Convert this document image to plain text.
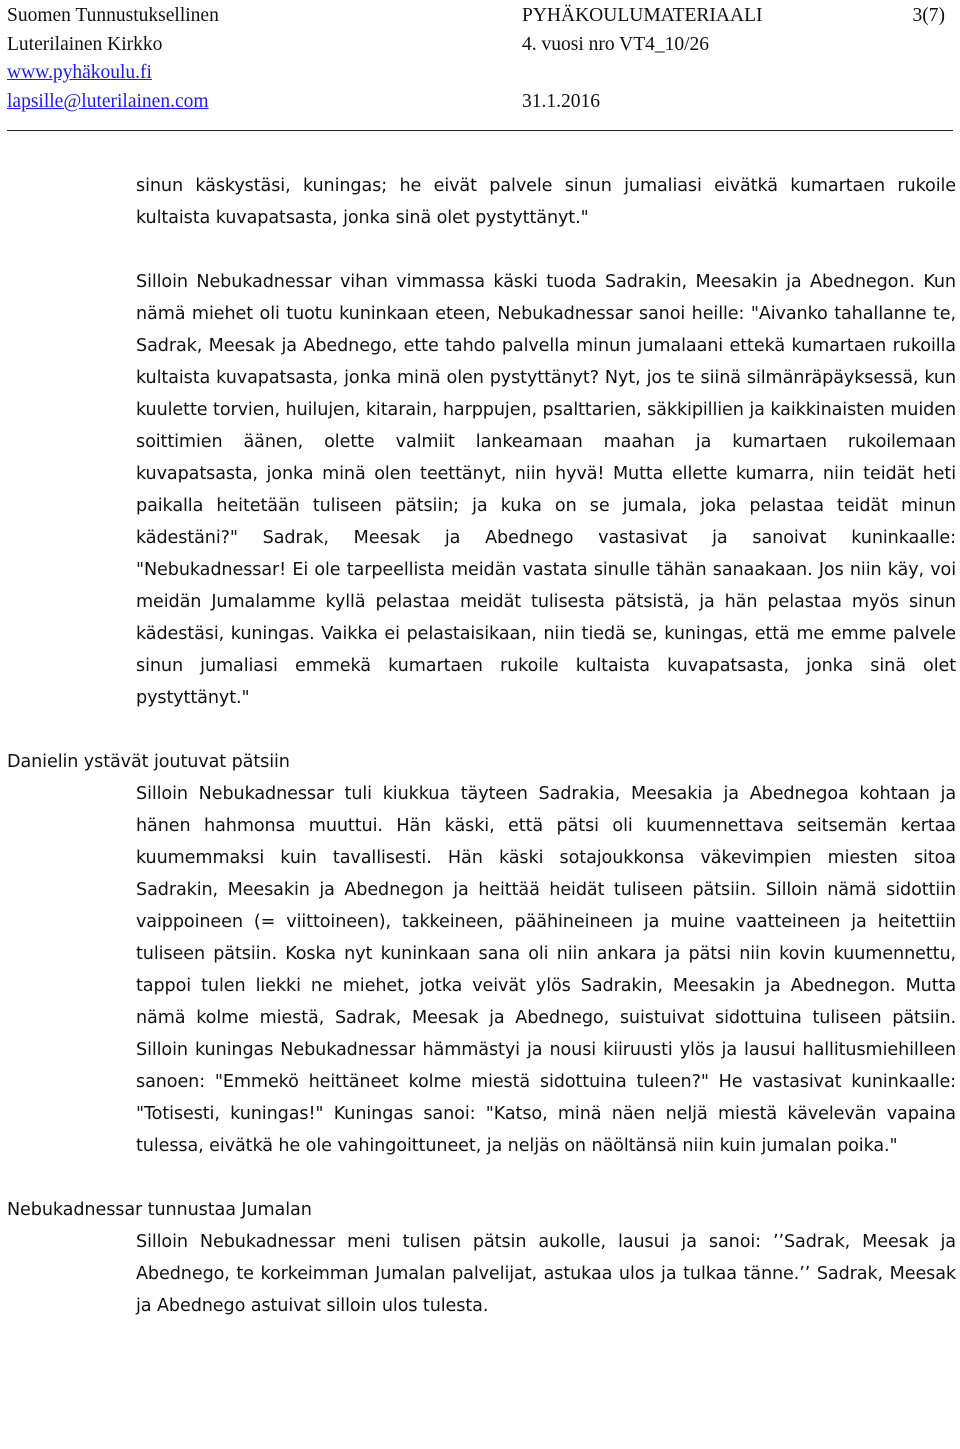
Suomen Tunnustuksellinen	PYHÄKOULUMATERIAALI	3(7)
Luterilainen Kirkko	4. vuosi nro VT4_10/26
www.pyhäkoulu.fi
lapsille@luterilainen.com	31.1.2016

sinun käskystäsi, kuningas; he eivät palvele sinun jumaliasi eivätkä kumartaen rukoile kultaista kuvapatsasta, jonka sinä olet pystyttänyt."

Silloin Nebukadnessar vihan vimmassa käski tuoda Sadrakin, Meesakin ja Abednegon. Kun nämä miehet oli tuotu kuninkaan eteen, Nebukadnessar sanoi heille: "Aivanko tahallanne te, Sadrak, Meesak ja Abednego, ette tahdo palvella minun jumalaani ettekä kumartaen rukoilla kultaista kuvapatsasta, jonka minä olen pystyttänyt? Nyt, jos te siinä silmänräpäyksessä, kun kuulette torvien, huilujen, kitarain, harppujen, psalttarien, säkkipillien ja kaikkinaisten muiden soittimien äänen, olette valmiit lankeamaan maahan ja kumartaen rukoilemaan kuvapatsasta, jonka minä olen teettänyt, niin hyvä! Mutta ellette kumarra, niin teidät heti paikalla heitetään tuliseen pätsiin; ja kuka on se jumala, joka pelastaa teidät minun kädestäni?" Sadrak, Meesak ja Abednego vastasivat ja sanoivat kuninkaalle: "Nebukadnessar! Ei ole tarpeellista meidän vastata sinulle tähän sanaakaan. Jos niin käy, voi meidän Jumalamme kyllä pelastaa meidät tulisesta pätsistä, ja hän pelastaa myös sinun kädestäsi, kuningas. Vaikka ei pelastaisikaan, niin tiedä se, kuningas, että me emme palvele sinun jumaliasi emmekä kumartaen rukoile kultaista kuvapatsasta, jonka sinä olet pystyttänyt."

Danielin ystävät joutuvat pätsiin

Silloin Nebukadnessar tuli kiukkua täyteen Sadrakia, Meesakia ja Abednegoa kohtaan ja hänen hahmonsa muuttui. Hän käski, että pätsi oli kuumennettava seitsemän kertaa kuumemmaksi kuin tavallisesti. Hän käski sotajoukkonsa väkevimpien miesten sitoa Sadrakin, Meesakin ja Abednegon ja heittää heidät tuliseen pätsiin. Silloin nämä sidottiin vaippoineen (= viittoineen), takkeineen, päähineineen ja muine vaatteineen ja heitettiin tuliseen pätsiin. Koska nyt kuninkaan sana oli niin ankara ja pätsi niin kovin kuumennettu, tappoi tulen liekki ne miehet, jotka veivät ylös Sadrakin, Meesakin ja Abednegon. Mutta nämä kolme miestä, Sadrak, Meesak ja Abednego, suistuivat sidottuina tuliseen pätsiin. Silloin kuningas Nebukadnessar hämmästyi ja nousi kiiruusti ylös ja lausui hallitusmiehilleen sanoen: "Emmekö heittäneet kolme miestä sidottuina tuleen?" He vastasivat kuninkaalle: "Totisesti, kuningas!" Kuningas sanoi: "Katso, minä näen neljä miestä kävelevän vapaina tulessa, eivätkä he ole vahingoittuneet, ja neljäs on näöltänsä niin kuin jumalan poika."

Nebukadnessar tunnustaa Jumalan

Silloin Nebukadnessar meni tulisen pätsin aukolle, lausui ja sanoi: ʼʼSadrak, Meesak ja Abednego, te korkeimman Jumalan palvelijat, astukaa ulos ja tulkaa tänne.ʼʼ Sadrak, Meesak ja Abednego astuivat silloin ulos tulesta.
